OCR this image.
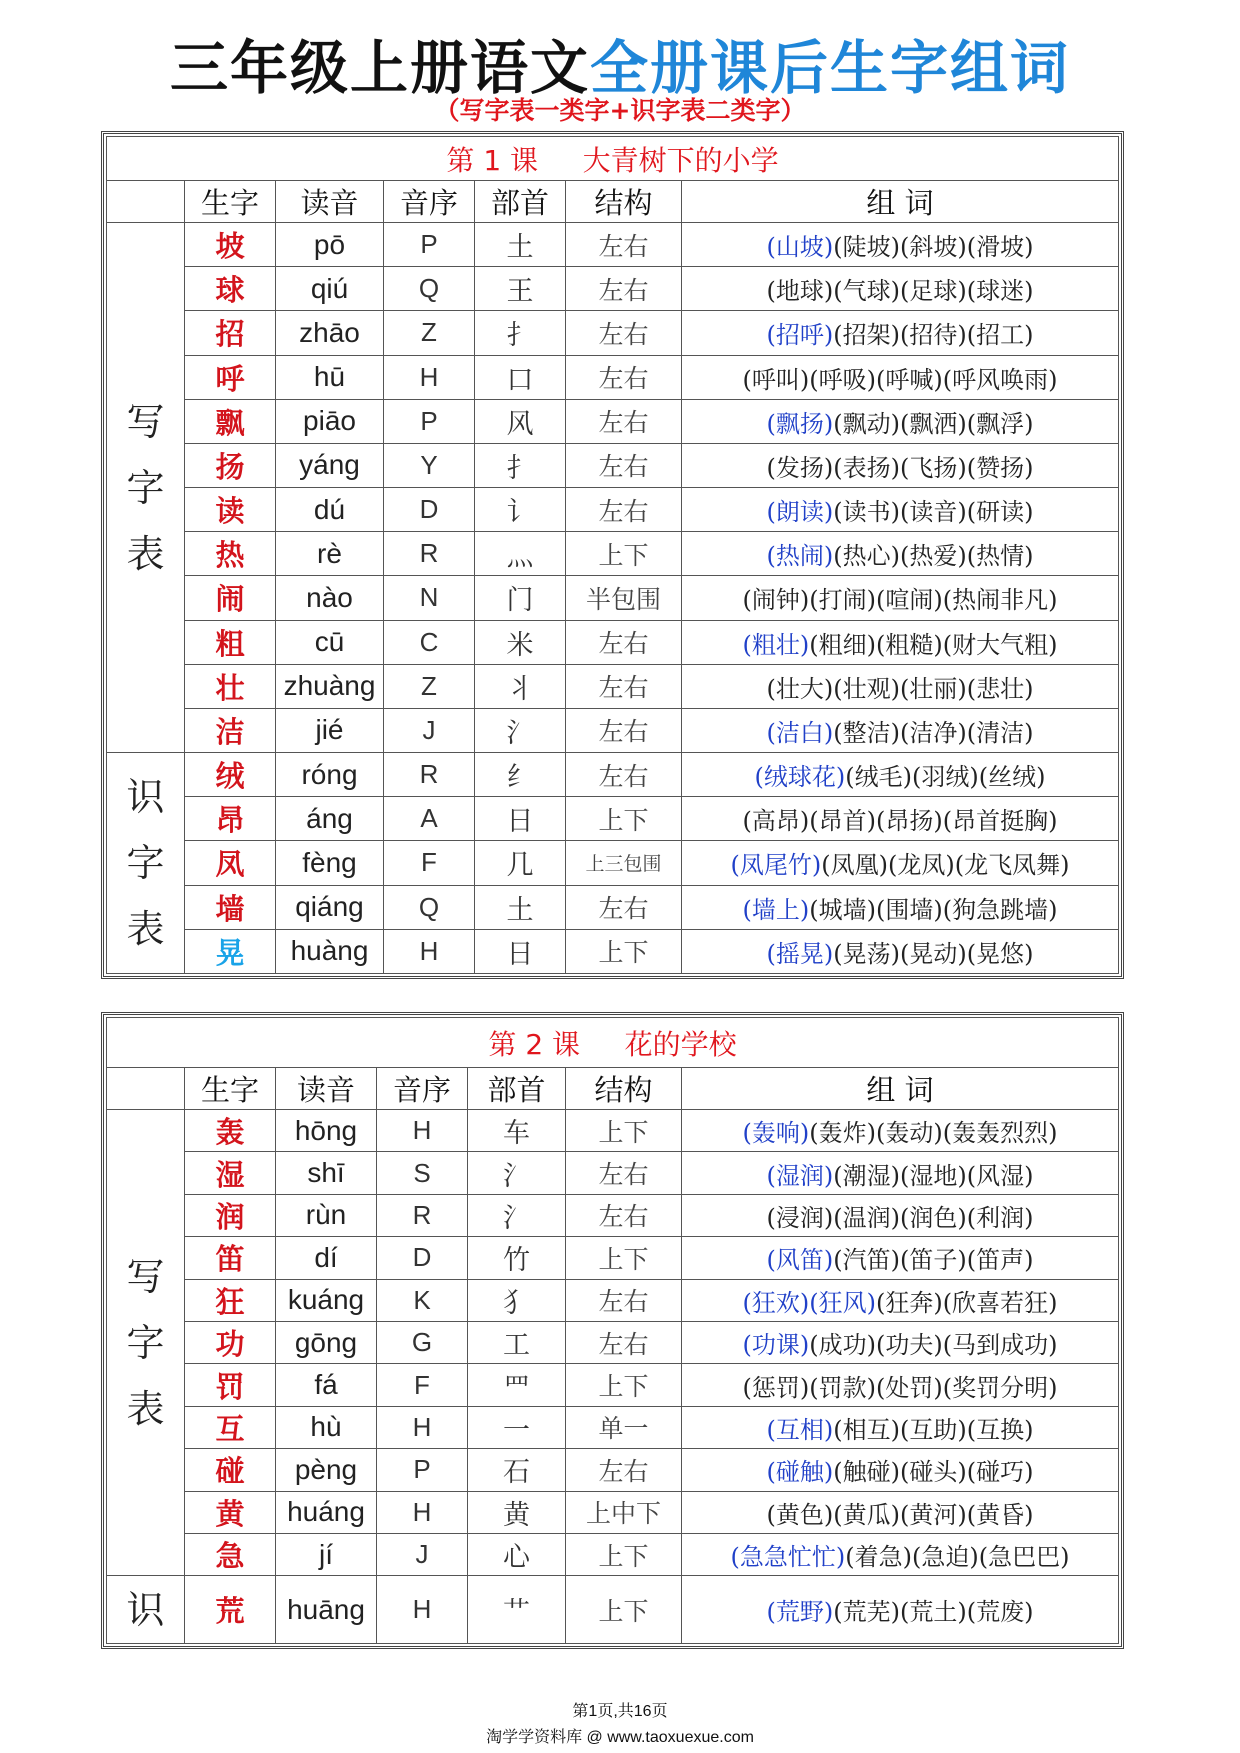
三年级上册语文全册课后生字组词
（写字表一类字+识字表二类字）
第 1 课 大青树下的小学						
	生字	读音	音序	部首	结构	组 词
写
字
表	坡	pō	P	土	左右	(山坡)(陡坡)(斜坡)(滑坡)
	球	qiú	Q	王	左右	(地球)(气球)(足球)(球迷)
	招	zhāo	Z	扌	左右	(招呼)(招架)(招待)(招工)
	呼	hū	H	口	左右	(呼叫)(呼吸)(呼喊)(呼风唤雨)
	飘	piāo	P	风	左右	(飘扬)(飘动)(飘洒)(飘浮)
	扬	yáng	Y	扌	左右	(发扬)(表扬)(飞扬)(赞扬)
	读	dú	D	讠	左右	(朗读)(读书)(读音)(研读)
	热	rè	R	灬	上下	(热闹)(热心)(热爱)(热情)
	闹	nào	N	门	半包围	(闹钟)(打闹)(喧闹)(热闹非凡)
	粗	cū	C	米	左右	(粗壮)(粗细)(粗糙)(财大气粗)
	壮	zhuàng	Z	丬	左右	(壮大)(壮观)(壮丽)(悲壮)
	洁	jié	J	氵	左右	(洁白)(整洁)(洁净)(清洁)
识
字
表	绒	róng	R	纟	左右	(绒球花)(绒毛)(羽绒)(丝绒)
	昂	áng	A	日	上下	(高昂)(昂首)(昂扬)(昂首挺胸)
	凤	fèng	F	几	上三包围	(凤尾竹)(凤凰)(龙凤)(龙飞凤舞)
	墙	qiáng	Q	土	左右	(墙上)(城墙)(围墙)(狗急跳墙)
	晃	huàng	H	日	上下	(摇晃)(晃荡)(晃动)(晃悠)
第 2 课 花的学校						
	生字	读音	音序	部首	结构	组 词
写
字
表	轰	hōng	H	车	上下	(轰响)(轰炸)(轰动)(轰轰烈烈)
	湿	shī	S	氵	左右	(湿润)(潮湿)(湿地)(风湿)
	润	rùn	R	氵	左右	(浸润)(温润)(润色)(利润)
	笛	dí	D	竹	上下	(风笛)(汽笛)(笛子)(笛声)
	狂	kuáng	K	犭	左右	(狂欢)(狂风)(狂奔)(欣喜若狂)
	功	gōng	G	工	左右	(功课)(成功)(功夫)(马到成功)
	罚	fá	F	罒	上下	(惩罚)(罚款)(处罚)(奖罚分明)
	互	hù	H	一	单一	(互相)(相互)(互助)(互换)
	碰	pèng	P	石	左右	(碰触)(触碰)(碰头)(碰巧)
	黄	huáng	H	黄	上中下	(黄色)(黄瓜)(黄河)(黄昏)
	急	jí	J	心	上下	(急急忙忙)(着急)(急迫)(急巴巴)
识	荒	huāng	H	艹	上下	(荒野)(荒芜)(荒土)(荒废)
第1页,共16页
淘学学资料库 @ www.taoxuexue.com
